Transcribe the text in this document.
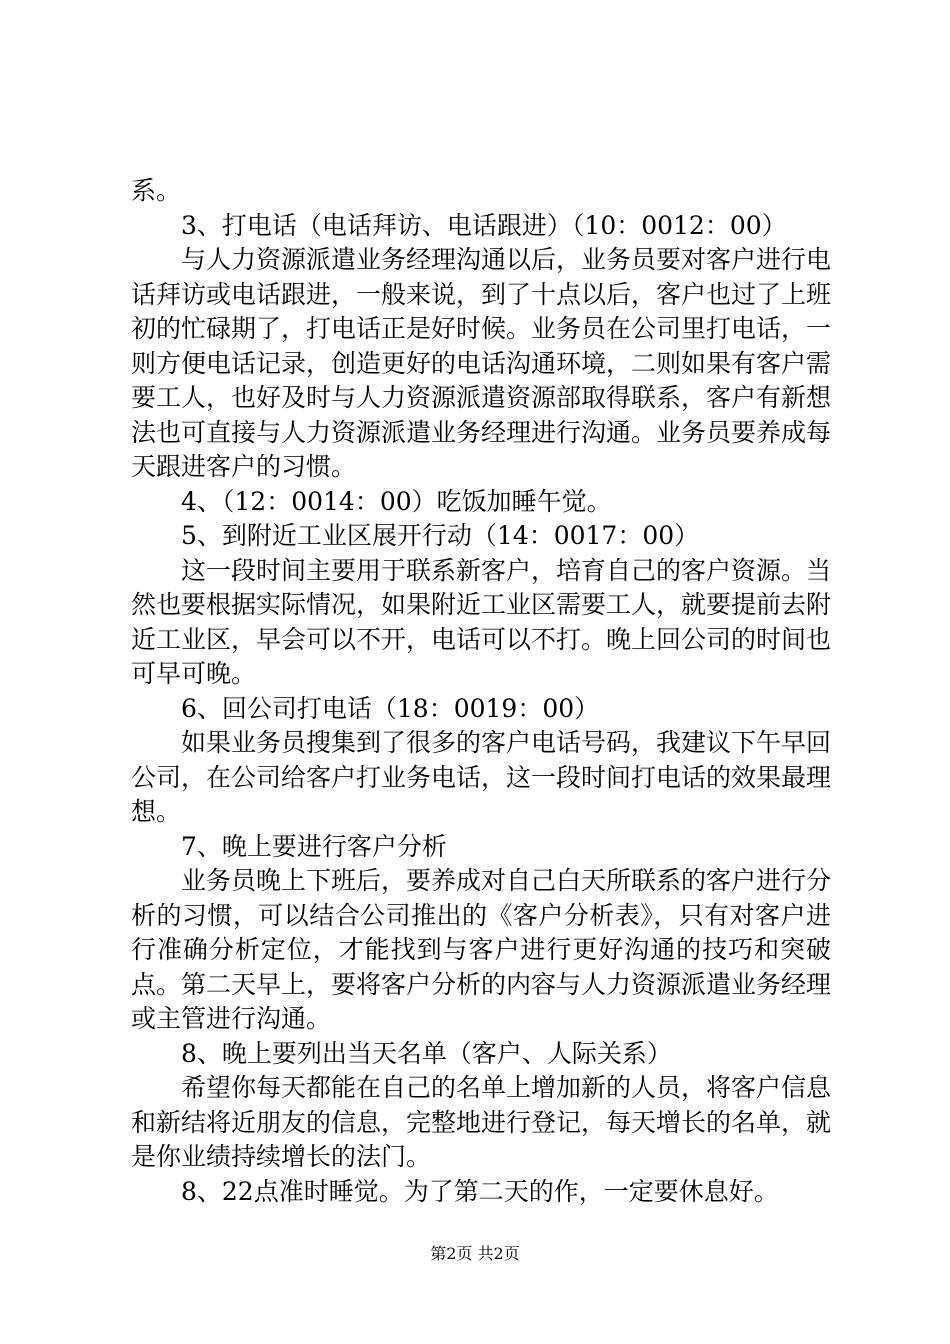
系。

3、打电话（电话拜访、电话跟进）（10：0012：00）

与人力资源派遣业务经理沟通以后，业务员要对客户进行电话拜访或电话跟进，一般来说，到了十点以后，客户也过了上班初的忙碌期了，打电话正是好时候。业务员在公司里打电话，一则方便电话记录，创造更好的电话沟通环境，二则如果有客户需要工人，也好及时与人力资源派遣资源部取得联系，客户有新想法也可直接与人力资源派遣业务经理进行沟通。业务员要养成每天跟进客户的习惯。

4、（12：0014：00）吃饭加睡午觉。

5、到附近工业区展开行动（14：0017：00）

这一段时间主要用于联系新客户，培育自己的客户资源。当然也要根据实际情况，如果附近工业区需要工人，就要提前去附近工业区，早会可以不开，电话可以不打。晚上回公司的时间也可早可晚。

6、回公司打电话（18：0019：00）

如果业务员搜集到了很多的客户电话号码，我建议下午早回公司，在公司给客户打业务电话，这一段时间打电话的效果最理想。

7、晚上要进行客户分析

业务员晚上下班后，要养成对自己白天所联系的客户进行分析的习惯，可以结合公司推出的《客户分析表》，只有对客户进行准确分析定位，才能找到与客户进行更好沟通的技巧和突破点。第二天早上，要将客户分析的内容与人力资源派遣业务经理或主管进行沟通。

8、晚上要列出当天名单（客户、人际关系）

希望你每天都能在自己的名单上增加新的人员，将客户信息和新结将近朋友的信息，完整地进行登记，每天增长的名单，就是你业绩持续增长的法门。

8、22点准时睡觉。为了第二天的作，一定要休息好。

第2页 共2页
